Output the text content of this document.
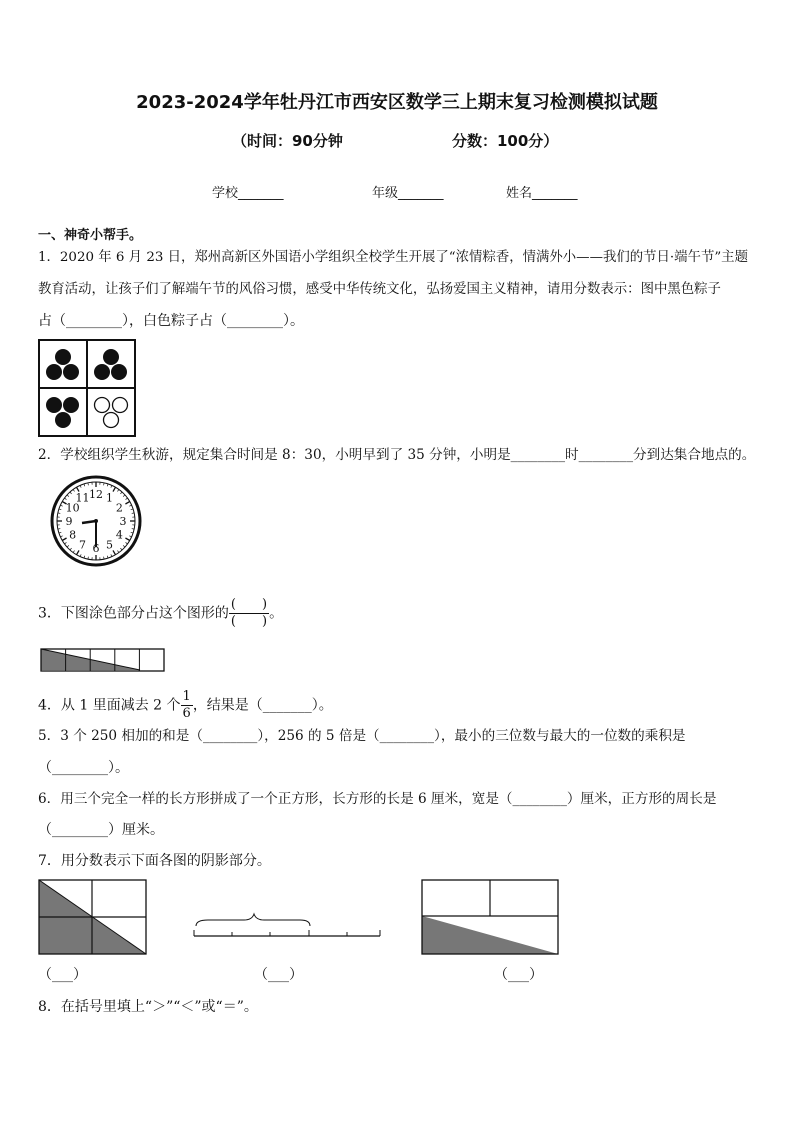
2023-2024学年牡丹江市西安区数学三上期末复习检测模拟试题
（时间：90分钟	分数：100分）
学校_______	年级_______	姓名_______
一、神奇小帮手。
1．2020 年 6 月 23 日，郑州高新区外国语小学组织全校学生开展了“浓情粽香，情满外小——我们的节日·端午节”主题
教育活动，让孩子们了解端午节的风俗习惯，感受中华传统文化，弘扬爱国主义精神，请用分数表示：图中黑色粽子
占（________），白色粽子占（________）。
2．学校组织学生秋游，规定集合时间是 8：30，小明早到了 35 分钟，小明是________时________分到达集合地点的。
12 1
2
3
4
5
6
7
8
9
10
11
3．下图涂色部分占这个图形的 $\frac{( )}{( )}$ 。
4．从 1 里面减去 2 个 $\frac{1}{6}$ ，结果是（_______）。
5．3 个 250 相加的和是（________），256 的 5 倍是（________），最小的三位数与最大的一位数的乘积是
（________）。
6．用三个完全一样的长方形拼成了一个正方形，长方形的长是 6 厘米，宽是（________）厘米，正方形的周长是
（________）厘米。
7．用分数表示下面各图的阴影部分。
（___）	（___）	（___）
8．在括号里填上“＞”“＜”或“＝”。
